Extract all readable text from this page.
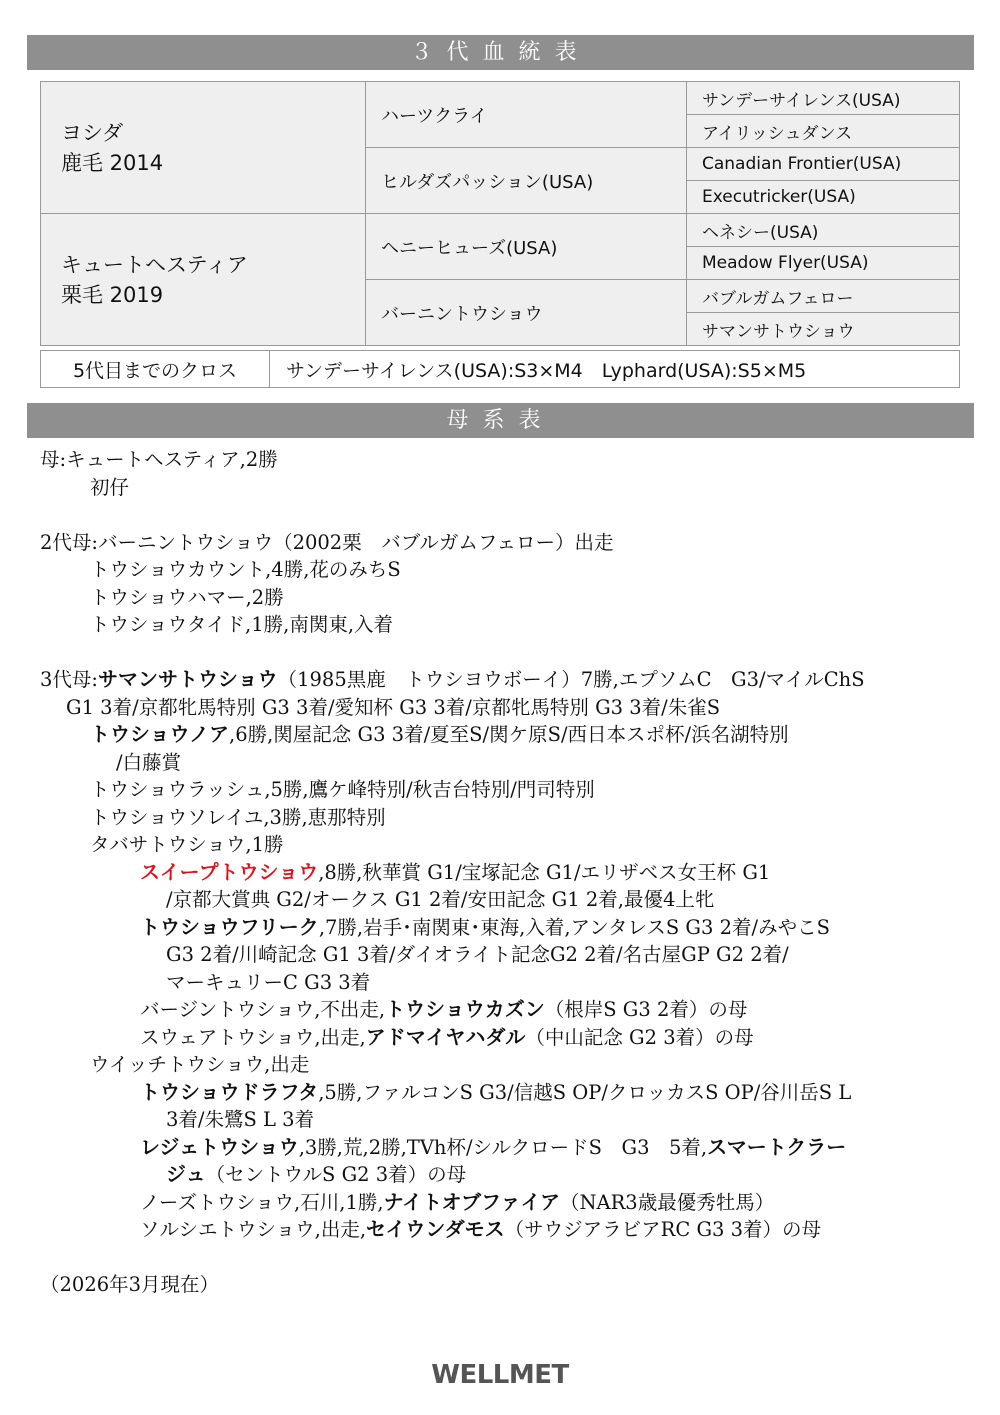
３代血統表
ヨシダ
鹿毛 2014	ハーツクライ	サンデーサイレンス(USA)
		アイリッシュダンス
	ヒルダズパッション(USA)	Canadian Frontier(USA)
		Executricker(USA)

キュートヘスティア
栗毛 2019	ヘニーヒューズ(USA)	ヘネシー(USA)
		Meadow Flyer(USA)
	バーニントウショウ	バブルガムフェロー
		サマンサトウショウ
5代目までのクロス	サンデーサイレンス(USA):S3×M4　Lyphard(USA):S5×M5
母系表
母:キュートヘスティア,2勝
初仔
2代母:バーニントウショウ（2002栗　バブルガムフェロー）出走
トウショウカウント,4勝,花のみちS
トウショウハマー,2勝
トウショウタイド,1勝,南関東,入着
3代母:サマンサトウショウ（1985黒鹿　トウシヨウボーイ）7勝,エプソムC　G3/マイルChS
G1 3着/京都牝馬特別 G3 3着/愛知杯 G3 3着/京都牝馬特別 G3 3着/朱雀S
トウショウノア,6勝,関屋記念 G3 3着/夏至S/関ケ原S/西日本スポ杯/浜名湖特別
/白藤賞
トウショウラッシュ,5勝,鷹ケ峰特別/秋吉台特別/門司特別
トウショウソレイユ,3勝,恵那特別
タバサトウショウ,1勝
スイープトウショウ,8勝,秋華賞 G1/宝塚記念 G1/エリザベス女王杯 G1
/京都大賞典 G2/オークス G1 2着/安田記念 G1 2着,最優4上牝
トウショウフリーク,7勝,岩手･南関東･東海,入着,アンタレスS G3 2着/みやこS
G3 2着/川崎記念 G1 3着/ダイオライト記念G2 2着/名古屋GP G2 2着/
マーキュリーC G3 3着
バージントウショウ,不出走,トウショウカズン（根岸S G3 2着）の母
スウェアトウショウ,出走,アドマイヤハダル（中山記念 G2 3着）の母
ウイッチトウショウ,出走
トウショウドラフタ,5勝,ファルコンS G3/信越S OP/クロッカスS OP/谷川岳S L
3着/朱鷺S L 3着
レジェトウショウ,3勝,荒,2勝,TVh杯/シルクロードS　G3　5着,スマートクラー
ジュ（セントウルS G2 3着）の母
ノーズトウショウ,石川,1勝,ナイトオブファイア（NAR3歳最優秀牡馬）
ソルシエトウショウ,出走,セイウンダモス（サウジアラビアRC G3 3着）の母
（2026年3月現在）
WELLMET
